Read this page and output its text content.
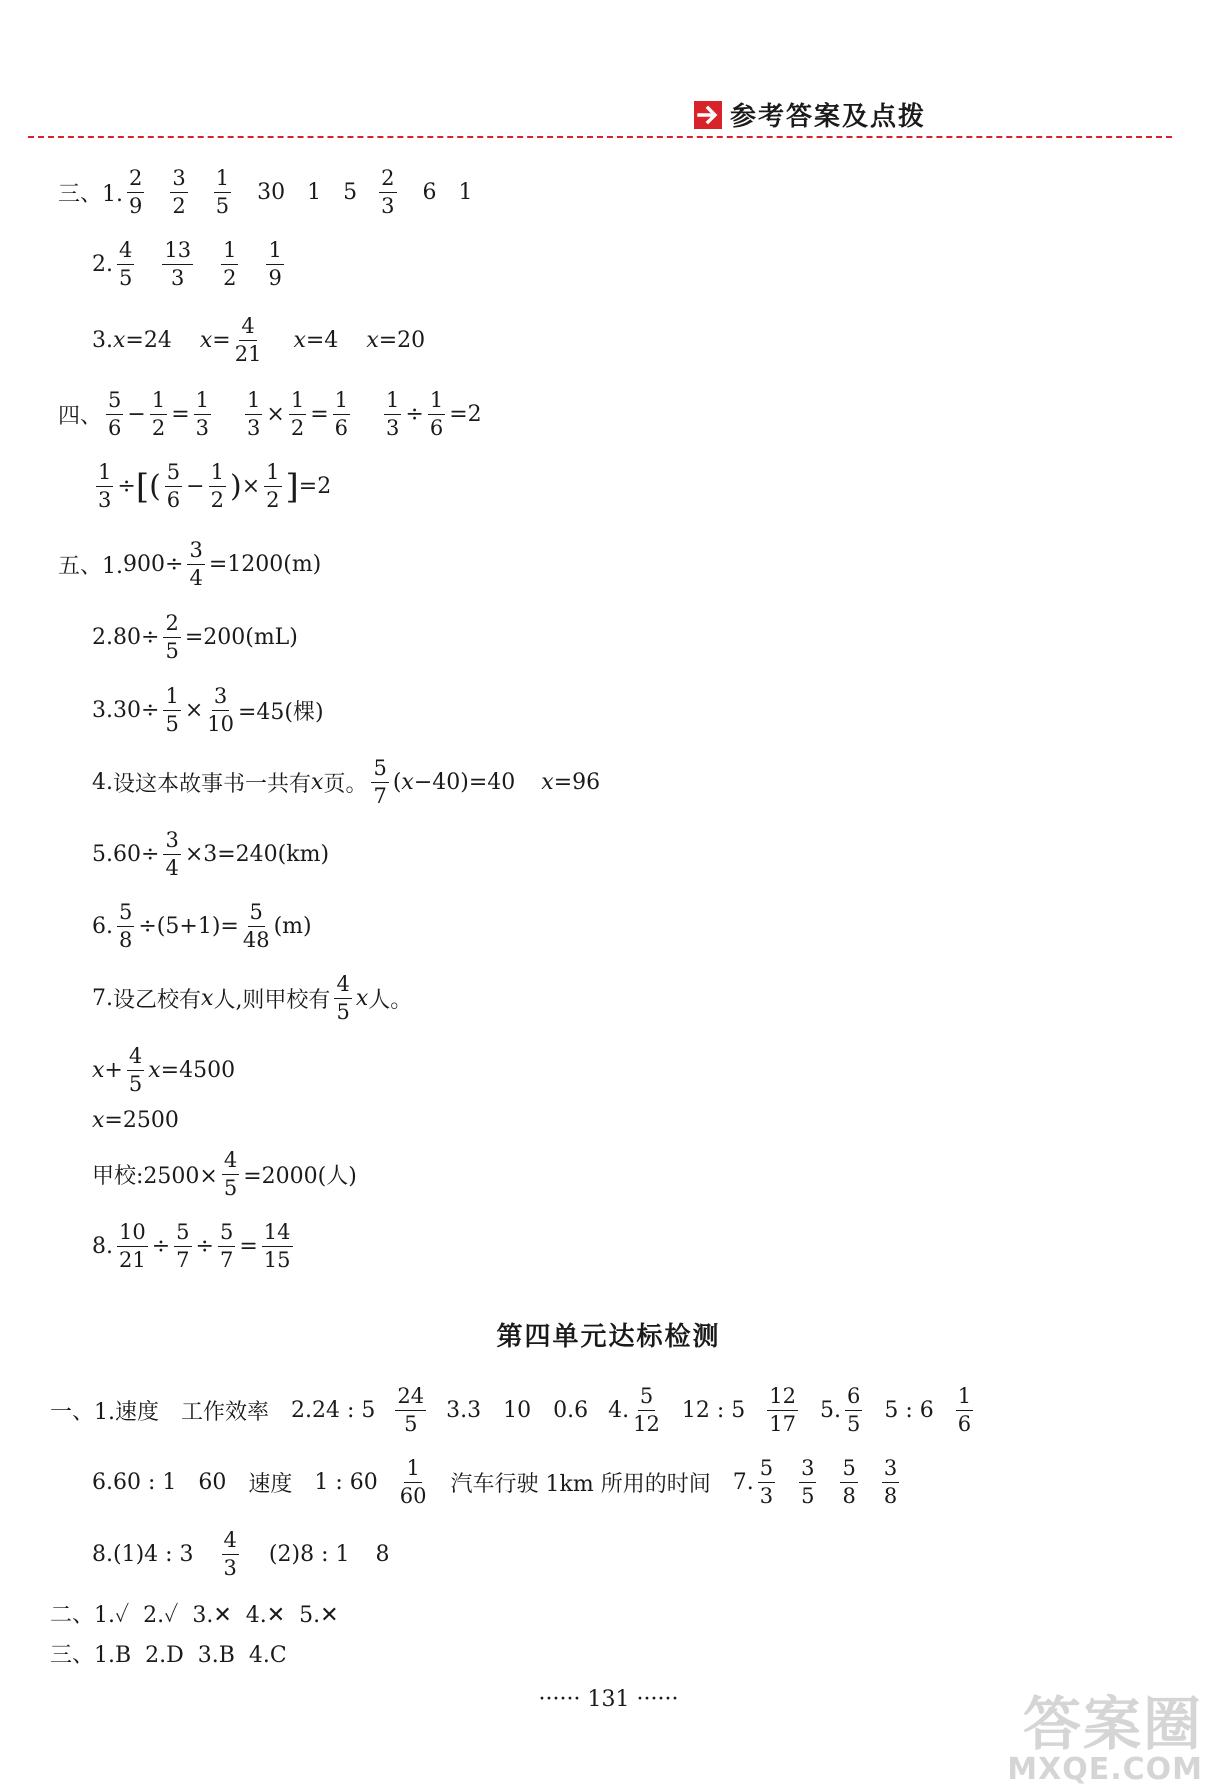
参考答案及点拨
三、1.
2
9
3
2
1
5
30 1 5
2
3
6 1
2.
4
5
13
3
1
2
1
9
3. x =24 $x = \frac{4}{21}$ x =4 x =20
四、
5
6
− $\frac{1}{2} = \frac{1}{3} \frac{1}{3} \times \frac{1}{2} = \frac{1}{6} \frac{1}{3} \div \frac{1}{6} =2$
$\frac{1}{3}$ ÷ [ ( 5
6
− $\frac{1}{2}$ ) × $\frac{1}{2}$ ] =2
五、1. $900\div \frac{3}{4} =1200(m)$
2. $80\div \frac{2}{5} =200(mL)$
3. $30\div \frac{1}{5} \times \frac{3}{10} =45$(棵)
4. 设这本故事书一共有 x 页。
5
7
( x −40)=40 x =96
5. $60\div \frac{3}{4} \times 3=240(km)$
6. $\frac{5}{8} \div(5+1)= \frac{5}{48} (m)$
7. 设乙校有 x 人,则甲校有
4
5
x 人。
$x + \frac{4}{5}$ x =4500
x =2500
甲校:2500× $\frac{4}{5} =2000$(人)
8. $\frac{10}{21} \div \frac{5}{7} \div \frac{5}{7} = \frac{14}{15}$
第四单元达标检测
一、1. 速度 工作效率 2.24 : 5
24
5
3.3 10 0.6 4.
5
12
12 : 5
12
17
5.
6
5
5 : 6
1
6
6.60 : 1 60 速度 1 : 60
1
60 汽车行驶 1km 所用的时间 7.
5
3
3
5
5
8
3
8
8.(1)4 : 3
4
3
(2)8 : 1 8
二、1.✓  2.✓  3.✕  4.✕  5.✕
三、1.B  2.D  3.B  4.C
······ 131 ······	答案圈
MXQE.COM
